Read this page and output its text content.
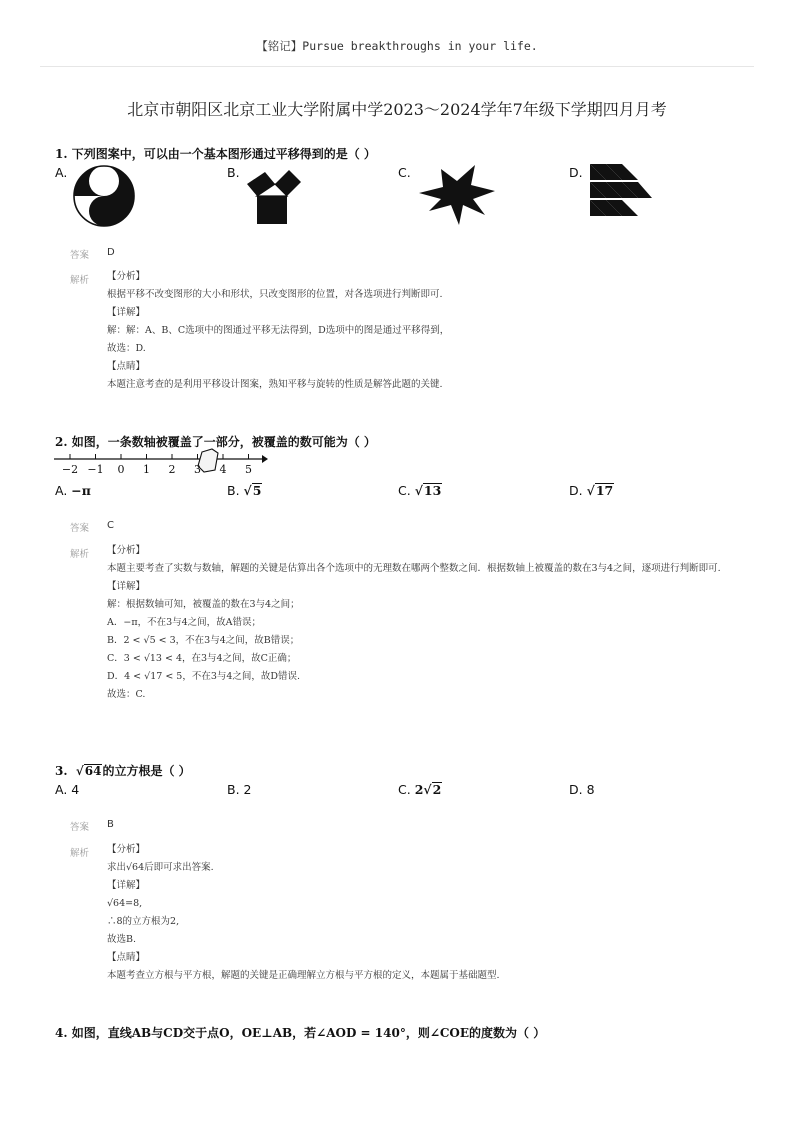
【铭记】Pursue breakthroughs in your life.
北京市朝阳区北京工业大学附属中学2023～2024学年7年级下学期四月月考
1. 下列图案中，可以由一个基本图形通过平移得到的是（ ）
A.	B.	C.	D.
答案 D
解析 【分析】
根据平移不改变图形的大小和形状，只改变图形的位置，对各选项进行判断即可.
【详解】
解：解：A、B、C选项中的图通过平移无法得到，D选项中的图是通过平移得到，
故选：D.
【点睛】
本题注意考查的是利用平移设计图案，熟知平移与旋转的性质是解答此题的关键.
2. 如图，一条数轴被覆盖了一部分，被覆盖的数可能为（ ）
−2 −1	0	1	2	3	4	5
A. −π	B. √5	C. √13	D. √17
答案 C
解析 【分析】
本题主要考查了实数与数轴，解题的关键是估算出各个选项中的无理数在哪两个整数之间．根据数轴上被覆盖的数在3与4之间，逐项进行判断即可.
【详解】
解：根据数轴可知，被覆盖的数在3与4之间；
A．−π，不在3与4之间，故A错误；
B．2 < √5 < 3，不在3与4之间，故B错误；
C．3 < √13 < 4，在3与4之间，故C正确；
D．4 < √17 < 5，不在3与4之间，故D错误.
故选：C.
3.  √64的立方根是（ ）
A. 4	B. 2	C. 2√2	D. 8
答案 B
解析 【分析】
求出√64后即可求出答案.
【详解】
√64=8,
∴8的立方根为2,
故选B.
【点睛】
本题考查立方根与平方根，解题的关键是正确理解立方根与平方根的定义，本题属于基础题型.
4. 如图，直线AB与CD交于点O，OE⊥AB，若∠AOD = 140°，则∠COE的度数为（ ）
